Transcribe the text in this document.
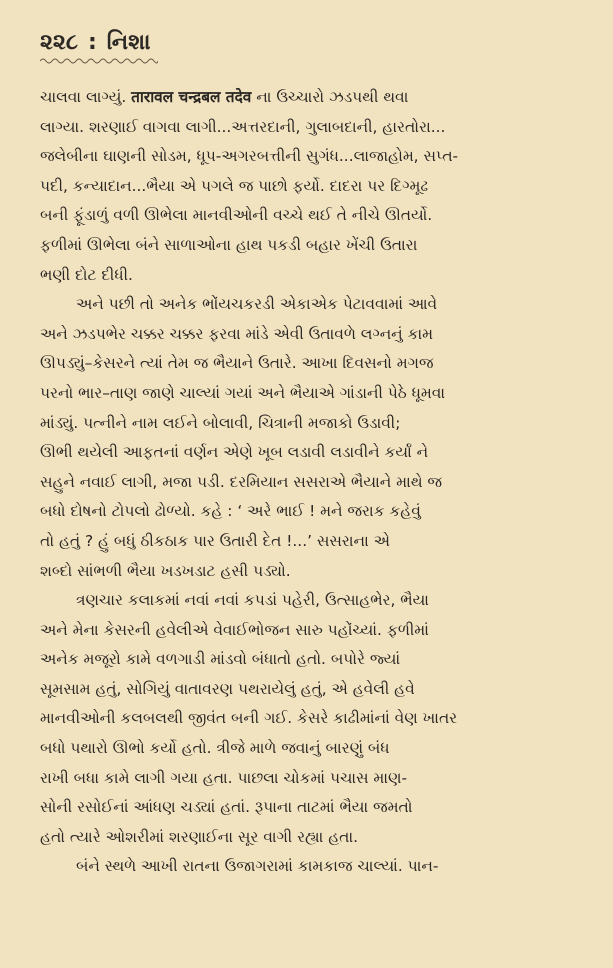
૨૨૮ : નિશા

ચાલવા લાગ્યું. तारावल चन्द्रबल तदेव ના ઉચ્ચારો ઝડપથી થવા
લાગ્યા. શરણાઈ વાગવા લાગી...અત્તરદાની, ગુલાબદાની, હારતોરા...
જલેબીના ઘાણની સોડમ, ધૂપ-અગરબત્તીની સુગંધ...લાજાહોમ, સપ્ત-
પદી, કન્યાદાન...ભૈયા એ પગલે જ પાછો ફર્યો. દાદરા પર દિગ્મૂઢ
બની ફૂંડાળું વળી ઊભેલા માનવીઓની વચ્ચે થઈ તે નીચે ઊતર્યો.
ફળીમાં ઊભેલા બંને સાળાઓના હાથ પકડી બહાર ખેંચી ઉતારા
ભણી દોટ દીધી.

અને પછી તો અનેક ભોંયચકરડી એકાએક પેટાવવામાં આવે
અને ઝડપભેર ચક્કર ચક્કર ફરવા માંડે એવી ઉતાવળે લગ્નનું કામ
ઊપડ્યું–કેસરને ત્યાં તેમ જ ભૈયાને ઉતારે. આખા દિવસનો મગજ
પરનો ભાર–તાણ જાણે ચાલ્યાં ગયાં અને ભૈયાએ ગાંડાની પેઠે ધૂમવા
માંડ્યું. પત્નીને નામ લઈને બોલાવી, ચિત્રાની મજાકો ઉડાવી;
ઊભી થયેલી આફતનાં વર્ણન એણે ખૂબ લડાવી લડાવીને કર્યાં ને
સહુને નવાઈ લાગી, મજા પડી. દરમિયાન સસરાએ ભૈયાને માથે જ
બધો દોષનો ટોપલો ઢોળ્યો. કહે : ‘ અરે ભાઈ ! મને જરાક કહેવું
તો હતું ? હું બધું ઠીકઠાક પાર ઉતારી દેત !...’ સસરાના એ
શબ્દો સાંભળી ભૈયા ખડખડાટ હસી પડ્યો.

ત્રણચાર કલાકમાં નવાં નવાં કપડાં પહેરી, ઉત્સાહભેર, ભૈયા
અને મેના કેસરની હવેલીએ વેવાઈભોજન સારુ પહોંચ્યાં. ફળીમાં
અનેક મજૂરો કામે વળગાડી માંડવો બંધાતો હતો. બપોરે જ્યાં
સૂમસામ હતું, સોગિયું વાતાવરણ પથરાયેલું હતું, એ હવેલી હવે
માનવીઓની કલબલથી જીવંત બની ગઈ. કેસરે કાઢીમાંનાં વેણ ખાતર
બધો પથારો ઊભો કર્યો હતો. ત્રીજે માળે જવાનું બારણું બંધ
રાખી બધા કામે લાગી ગયા હતા. પાછલા ચોકમાં પચાસ માણ-
સોની રસોઈનાં આંધણ ચડ્યાં હતાં. રૂપાના તાટમાં ભૈયા જમતો
હતો ત્યારે ઓશરીમાં શરણાઈના સૂર વાગી રહ્યા હતા.

બંને સ્થળે આખી રાતના ઉજાગરામાં કામકાજ ચાલ્યાં. પાન-
